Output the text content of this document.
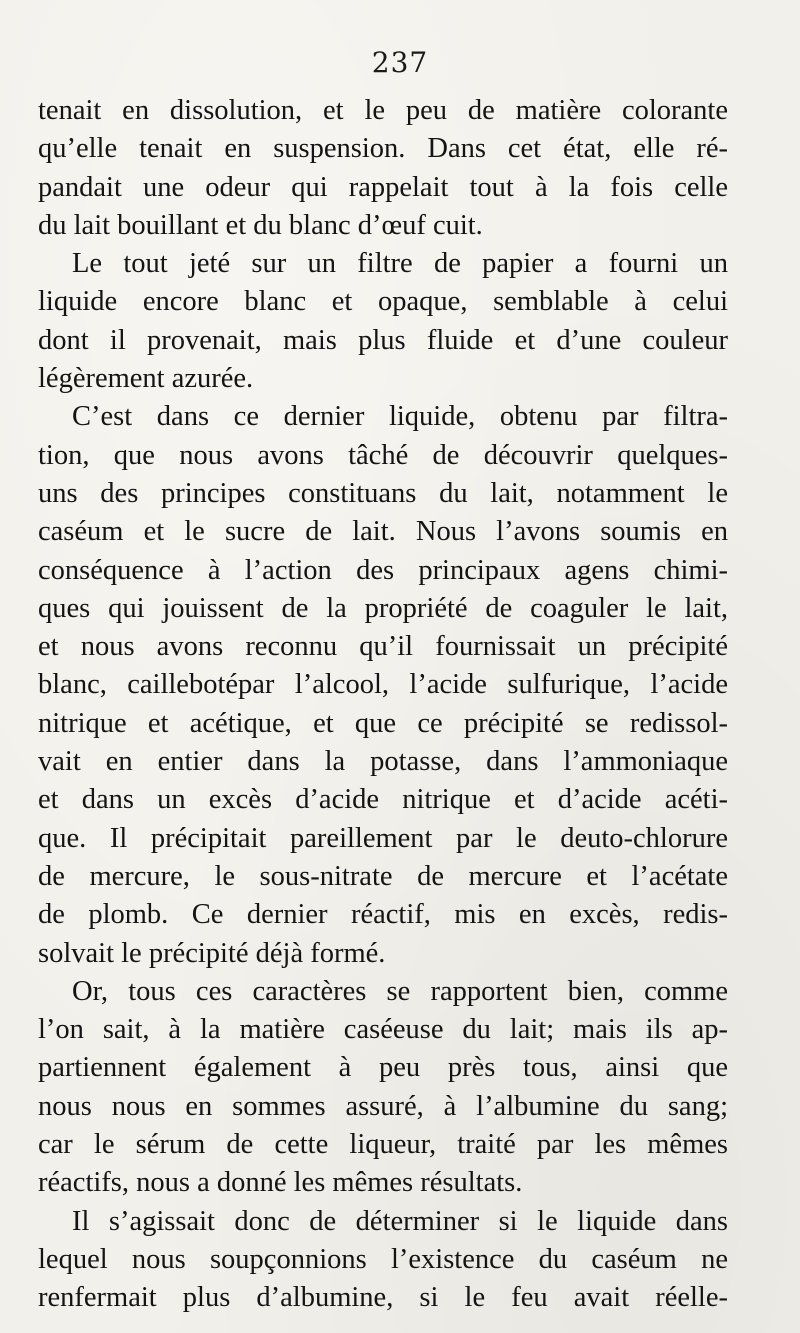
237
tenait en dissolution, et le peu de matière colorante
qu’elle tenait en suspension. Dans cet état, elle ré-
pandait une odeur qui rappelait tout à la fois celle
du lait bouillant et du blanc d’œuf cuit.
Le tout jeté sur un filtre de papier a fourni un
liquide encore blanc et opaque, semblable à celui
dont il provenait, mais plus fluide et d’une couleur
légèrement azurée.
C’est dans ce dernier liquide, obtenu par filtra-
tion, que nous avons tâché de découvrir quelques-
uns des principes constituans du lait, notamment le
caséum et le sucre de lait. Nous l’avons soumis en
conséquence à l’action des principaux agens chimi-
ques qui jouissent de la propriété de coaguler le lait,
et nous avons reconnu qu’il fournissait un précipité
blanc, caillebotépar l’alcool, l’acide sulfurique, l’acide
nitrique et acétique, et que ce précipité se redissol-
vait en entier dans la potasse, dans l’ammoniaque
et dans un excès d’acide nitrique et d’acide acéti-
que. Il précipitait pareillement par le deuto-chlorure
de mercure, le sous-nitrate de mercure et l’acétate
de plomb. Ce dernier réactif, mis en excès, redis-
solvait le précipité déjà formé.
Or, tous ces caractères se rapportent bien, comme
l’on sait, à la matière caséeuse du lait; mais ils ap-
partiennent également à peu près tous, ainsi que
nous nous en sommes assuré, à l’albumine du sang;
car le sérum de cette liqueur, traité par les mêmes
réactifs, nous a donné les mêmes résultats.
Il s’agissait donc de déterminer si le liquide dans
lequel nous soupçonnions l’existence du caséum ne
renfermait plus d’albumine, si le feu avait réelle-
